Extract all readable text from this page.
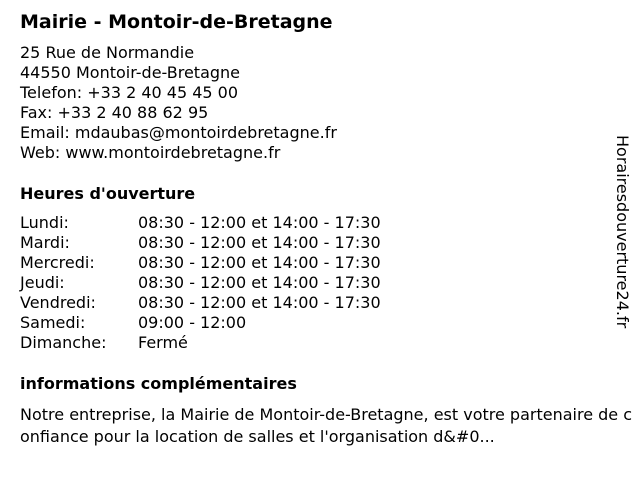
Mairie - Montoir-de-Bretagne
25 Rue de Normandie
44550 Montoir-de-Bretagne
Telefon: +33 2 40 45 45 00
Fax: +33 2 40 88 62 95
Email: mdaubas@montoirdebretagne.fr
Web: www.montoirdebretagne.fr
Heures d'ouverture
Lundi:	08:30 - 12:00 et 14:00 - 17:30
Mardi:	08:30 - 12:00 et 14:00 - 17:30
Mercredi:	08:30 - 12:00 et 14:00 - 17:30
Jeudi:	08:30 - 12:00 et 14:00 - 17:30
Vendredi:	08:30 - 12:00 et 14:00 - 17:30
Samedi:	09:00 - 12:00
Dimanche:	Fermé
informations complémentaires
Notre entreprise, la Mairie de Montoir-de-Bretagne, est votre partenaire de confiance pour la location de salles et l'organisation d&#0...
Horairesdouverture24.fr
